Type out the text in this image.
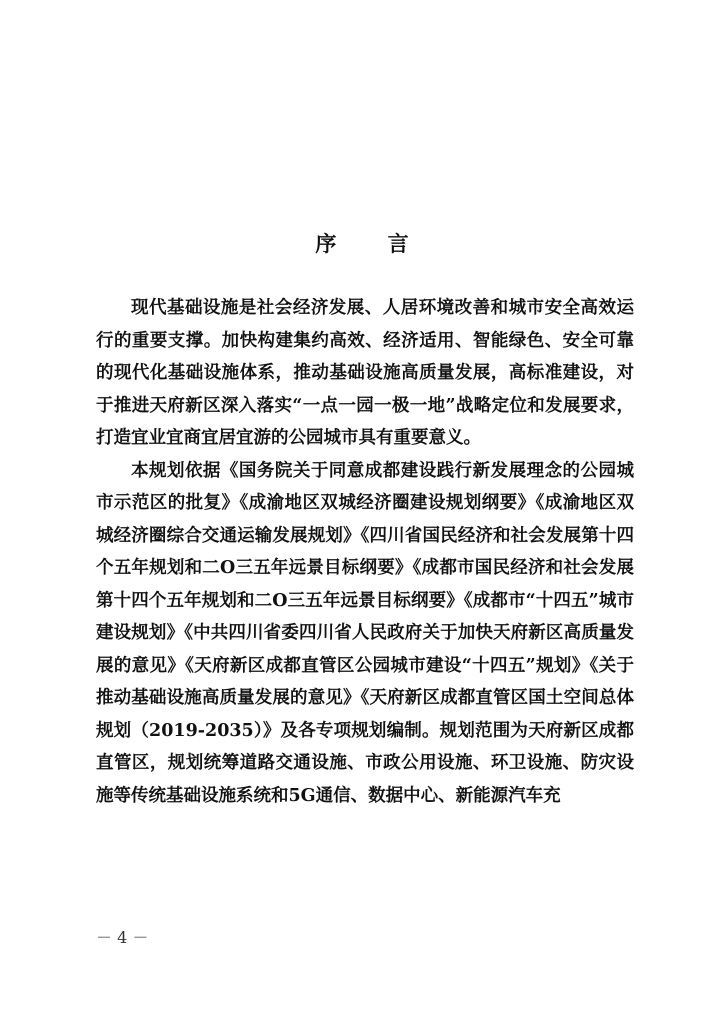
序 言

现代基础设施是社会经济发展、人居环境改善和城市安全高效运行的重要支撑。加快构建集约高效、经济适用、智能绿色、安全可靠的现代化基础设施体系，推动基础设施高质量发展，高标准建设，对于推进天府新区深入落实“一点一园一极一地”战略定位和发展要求，打造宜业宜商宜居宜游的公园城市具有重要意义。

本规划依据《国务院关于同意成都建设践行新发展理念的公园城市示范区的批复》《成渝地区双城经济圈建设规划纲要》《成渝地区双城经济圈综合交通运输发展规划》《四川省国民经济和社会发展第十四个五年规划和二O三五年远景目标纲要》《成都市国民经济和社会发展第十四个五年规划和二O三五年远景目标纲要》《成都市“十四五”城市建设规划》《中共四川省委四川省人民政府关于加快天府新区高质量发展的意见》《天府新区成都直管区公园城市建设“十四五”规划》《关于推动基础设施高质量发展的意见》《天府新区成都直管区国土空间总体规划（2019-2035）》及各专项规划编制。规划范围为天府新区成都直管区，规划统筹道路交通设施、市政公用设施、环卫设施、防灾设施等传统基础设施系统和5G通信、数据中心、新能源汽车充

－ 4 －
